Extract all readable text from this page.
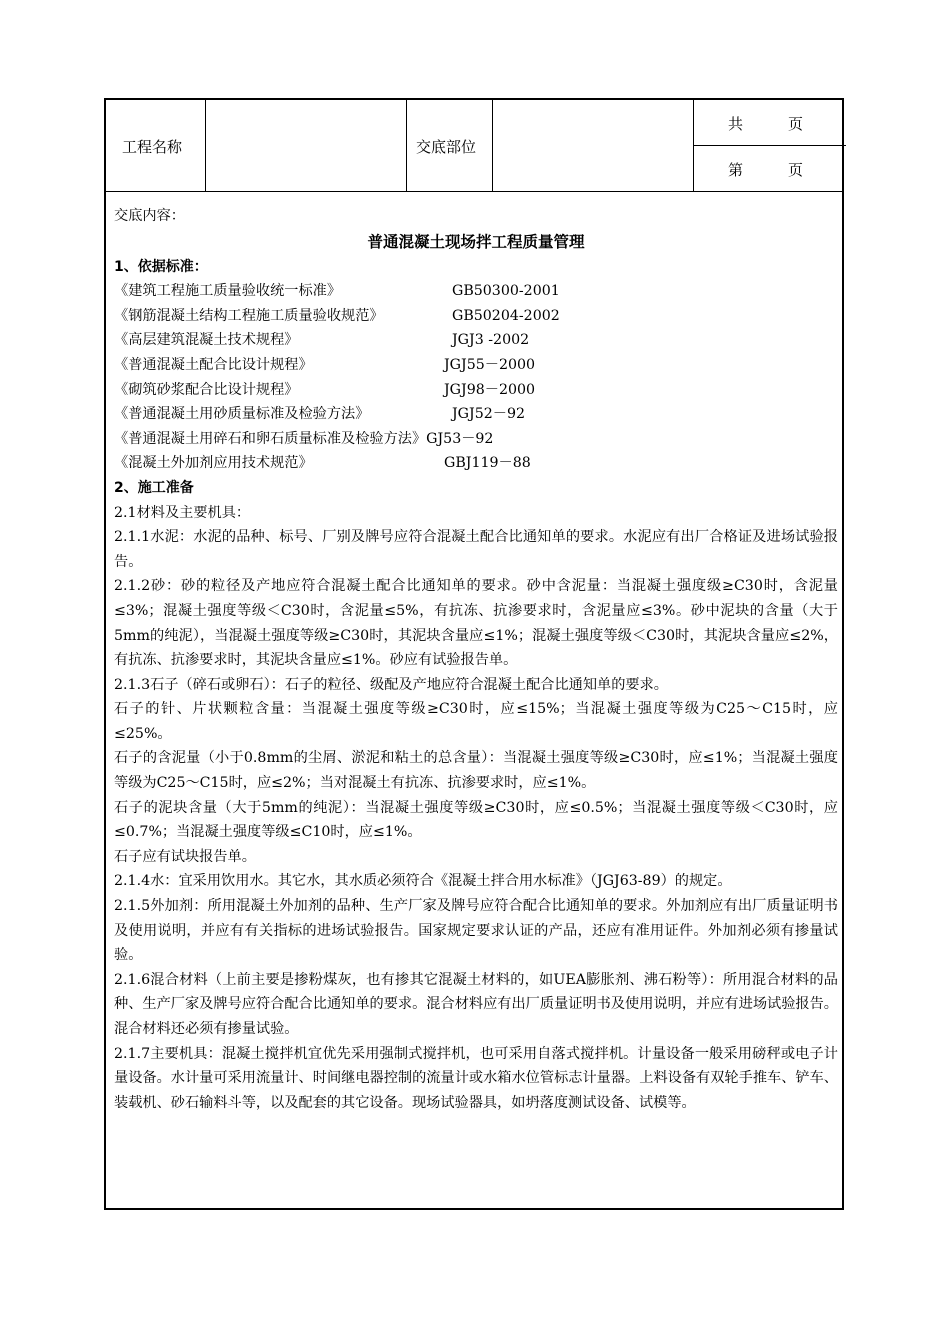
工程名称	交底部位
共　　　页
第　　　页

交底内容：

普通混凝土现场拌工程质量管理

1、依据标准：

《建筑工程施工质量验收统一标准》	GB50300-2001

《钢筋混凝土结构工程施工质量验收规范》	GB50204-2002

《高层建筑混凝土技术规程》	JGJ3 -2002

《普通混凝土配合比设计规程》	JGJ55－2000

《砌筑砂浆配合比设计规程》	JGJ98－2000

《普通混凝土用砂质量标准及检验方法》	JGJ52－92

《普通混凝土用碎石和卵石质量标准及检验方法》 GJ53－92

《混凝土外加剂应用技术规范》	GBJ119－88

2、施工准备

2.1材料及主要机具：

2.1.1水泥：水泥的品种、标号、厂别及牌号应符合混凝土配合比通知单的要求。水泥应有出厂合格证及进场试验报告。

2.1.2砂：砂的粒径及产地应符合混凝土配合比通知单的要求。砂中含泥量：当混凝土强度级≥C30时，含泥量≤3%；混凝土强度等级＜C30时，含泥量≤5%，有抗冻、抗渗要求时，含泥量应≤3%。砂中泥块的含量（大于5mm的纯泥），当混凝土强度等级≥C30时，其泥块含量应≤1%；混凝土强度等级＜C30时，其泥块含量应≤2%，有抗冻、抗渗要求时，其泥块含量应≤1%。砂应有试验报告单。

2.1.3石子（碎石或卵石）：石子的粒径、级配及产地应符合混凝土配合比通知单的要求。

石子的针、片状颗粒含量：当混凝土强度等级≥C30时，应≤15%；当混凝土强度等级为C25～C15时，应≤25%。

石子的含泥量（小于0.8mm的尘屑、淤泥和粘土的总含量）：当混凝土强度等级≥C30时，应≤1%；当混凝土强度等级为C25～C15时，应≤2%；当对混凝土有抗冻、抗渗要求时，应≤1%。

石子的泥块含量（大于5mm的纯泥）：当混凝土强度等级≥C30时，应≤0.5%；当混凝土强度等级＜C30时，应≤0.7%；当混凝土强度等级≤C10时，应≤1%。

石子应有试块报告单。

2.1.4水：宜采用饮用水。其它水，其水质必须符合《混凝土拌合用水标准》（JGJ63-89）的规定。

2.1.5外加剂：所用混凝土外加剂的品种、生产厂家及牌号应符合配合比通知单的要求。外加剂应有出厂质量证明书及使用说明，并应有有关指标的进场试验报告。国家规定要求认证的产品，还应有准用证件。外加剂必须有掺量试验。

2.1.6混合材料（上前主要是掺粉煤灰，也有掺其它混凝土材料的，如UEA膨胀剂、沸石粉等）：所用混合材料的品种、生产厂家及牌号应符合配合比通知单的要求。混合材料应有出厂质量证明书及使用说明，并应有进场试验报告。混合材料还必须有掺量试验。

2.1.7主要机具：混凝土搅拌机宜优先采用强制式搅拌机，也可采用自落式搅拌机。计量设备一般采用磅秤或电子计量设备。水计量可采用流量计、时间继电器控制的流量计或水箱水位管标志计量器。上料设备有双轮手推车、铲车、装载机、砂石输料斗等，以及配套的其它设备。现场试验器具，如坍落度测试设备、试模等。
